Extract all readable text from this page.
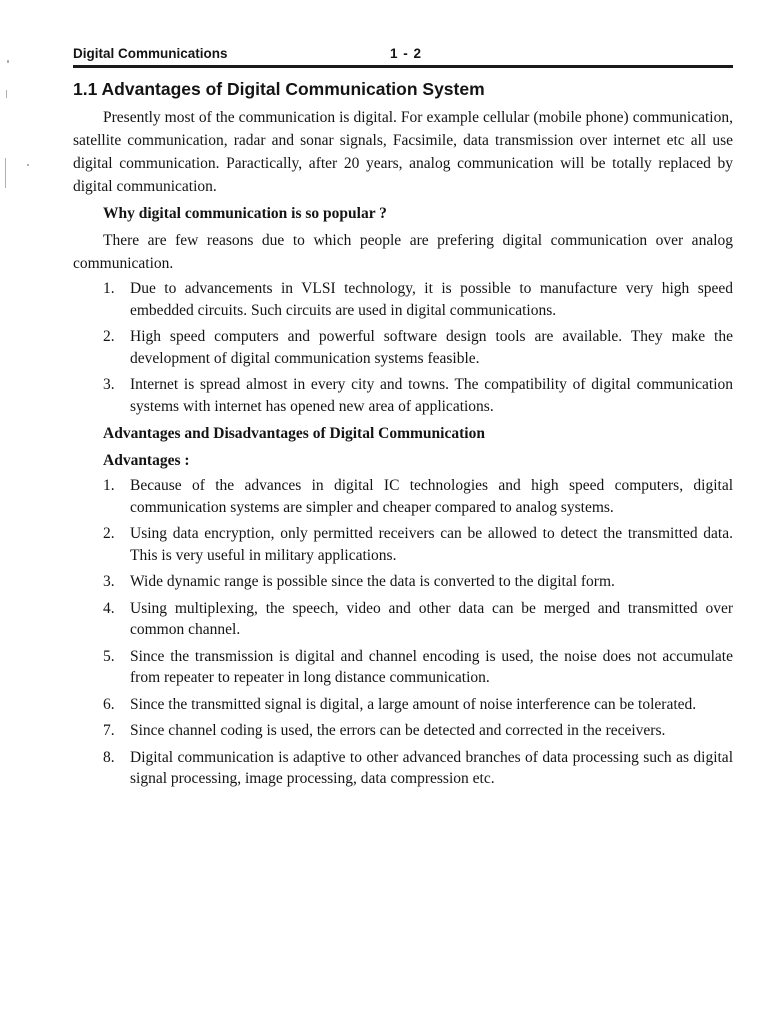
Digital Communications	1 - 2
1.1 Advantages of Digital Communication System

Presently most of the communication is digital. For example cellular (mobile phone) communication, satellite communication, radar and sonar signals, Facsimile, data transmission over internet etc all use digital communication. Paractically, after 20 years, analog communication will be totally replaced by digital communication.

Why digital communication is so popular ?

There are few reasons due to which people are prefering digital communication over analog communication.

1. Due to advancements in VLSI technology, it is possible to manufacture very high speed embedded circuits. Such circuits are used in digital communications.
2. High speed computers and powerful software design tools are available. They make the development of digital communication systems feasible.
3. Internet is spread almost in every city and towns. The compatibility of digital communication systems with internet has opened new area of applications.

Advantages and Disadvantages of Digital Communication

Advantages :

1. Because of the advances in digital IC technologies and high speed computers, digital communication systems are simpler and cheaper compared to analog systems.
2. Using data encryption, only permitted receivers can be allowed to detect the transmitted data. This is very useful in military applications.
3. Wide dynamic range is possible since the data is converted to the digital form.
4. Using multiplexing, the speech, video and other data can be merged and transmitted over common channel.
5. Since the transmission is digital and channel encoding is used, the noise does not accumulate from repeater to repeater in long distance communication.
6. Since the transmitted signal is digital, a large amount of noise interference can be tolerated.
7. Since channel coding is used, the errors can be detected and corrected in the receivers.
8. Digital communication is adaptive to other advanced branches of data processing such as digital signal processing, image processing, data compression etc.
